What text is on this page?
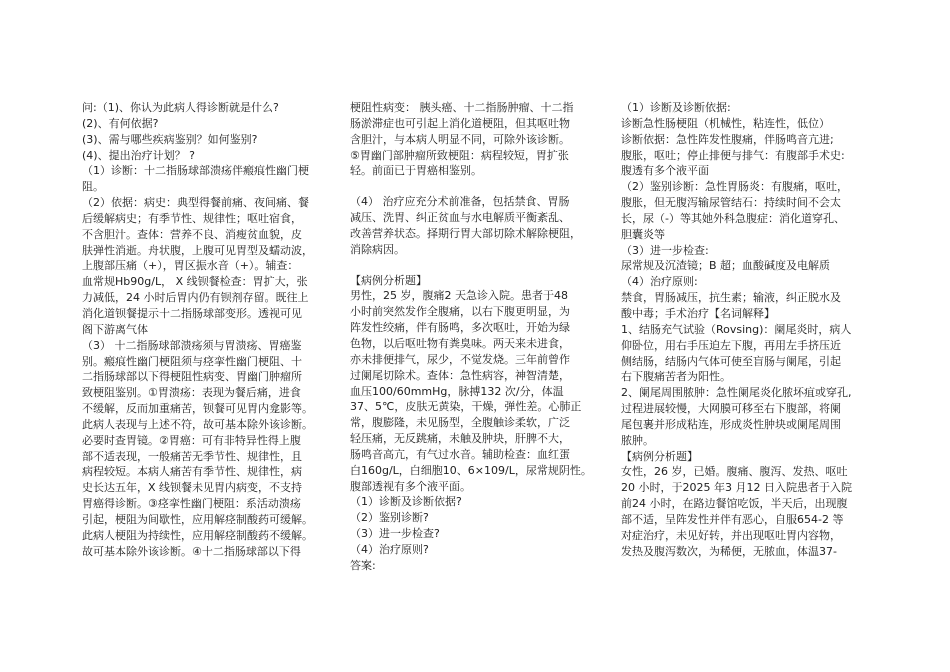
问:（1)、你认为此病人得诊断就是什么?

(2)、有何依据?

(3)、需与哪些疾病鉴别？如何鉴别?

(4)、提出治疗计划？ ?

（1）诊断：十二指肠球部溃疡伴瘢痕性幽门梗

阻。

（2）依据：病史：典型得餐前痛、夜间痛、餐

后缓解病史；有季节性、规律性；呕吐宿食，

不含胆汁。查体：营养不良、消瘦贫血貌，皮

肤弹性消逝。舟状腹，上腹可见胃型及蠕动波，

上腹部压痛（+），胃区振水音（+）。辅查：

血常规Hb90g/L， X 线钡餐检查：胃扩大，张

力减低，24 小时后胃内仍有钡剂存留。既往上

消化道钡餐提示十二指肠球部变形。透视可见

阁下游离气体

（3） 十二指肠球部溃疡须与胃溃疡、胃癌鉴

别。瘢痕性幽门梗阻须与痉挛性幽门梗阻、十

二指肠球部以下得梗阻性病变、胃幽门肿瘤所

致梗阻鉴别。①胃溃疡：表现为餐后痛，进食

不缓解，反而加重痛苦，钡餐可见胃内龛影等。

此病人表现与上述不符，故可基本除外该诊断。

必要时查胃镜。②胃癌：可有非特异性得上腹

部不适表现，一般痛苦无季节性、规律性，且

病程较短。本病人痛苦有季节性、规律性，病

史长达五年，X 线钡餐未见胃内病变，不支持

胃癌得诊断。③痉挛性幽门梗阻：系活动溃疡

引起，梗阻为间歇性，应用解痉制酸药可缓解。

此病人梗阻为持续性，应用解痉制酸药不缓解。

故可基本除外该诊断。④十二指肠球部以下得

梗阻性病变： 胰头癌、十二指肠肿瘤、十二指

肠淤滞症也可引起上消化道梗阻，但其呕吐物

含胆汁，与本病人明显不同，可除外该诊断。

⑤胃幽门部肿瘤所致梗阻：病程较短，胃扩张

轻。前面已于胃癌相鉴别。

（4） 治疗应充分术前准备，包括禁食、胃肠

减压、洗胃、纠正贫血与水电解质平衡紊乱、

改善营养状态。择期行胃大部切除术解除梗阻，

消除病因。

【病例分析题】

男性，25 岁，腹痛2 天急诊入院。患者于48

小时前突然发作全腹痛，以右下腹更明显，为

阵发性绞痛，伴有肠鸣，多次呕吐，开始为绿

色物，以后呕吐物有粪臭味。两天来未进食，

亦未排便排气，尿少，不觉发烧。三年前曾作

过阑尾切除术。查体：急性病容，神智清楚，

血压100/60mmHg，脉搏132 次/分，体温

37、5℃，皮肤无黄染，干燥，弹性差。心肺正

常，腹膨隆，未见肠型，全腹触诊柔软，广泛

轻压痛，无反跳痛，未触及肿块，肝脾不大，

肠鸣音高亢，有气过水音。辅助检查：血红蛋

白160g/L，白细胞10、6×109/L，尿常规阴性。

腹部透视有多个液平面。

（1）诊断及诊断依据?

（2）鉴别诊断?

（3）进一步检查?

（4）治疗原则?

答案:

（1）诊断及诊断依据:

诊断急性肠梗阻（机械性，粘连性，低位）

诊断依据：急性阵发性腹痛，伴肠鸣音亢进;

腹胀，呕吐；停止排便与排气：有腹部手术史:

腹透有多个液平面

（2）鉴别诊断：急性胃肠炎：有腹痛，呕吐，

腹胀，但无腹泻输尿管结石：持续时间不会太

长，尿（-）等其她外科急腹症：消化道穿孔、

胆囊炎等

（3）进一步检查:

尿常规及沉渣镜；B 超；血酸碱度及电解质

（4）治疗原则:

禁食，胃肠减压，抗生素；输液，纠正脱水及

酸中毒；手术治疗【名词解释】

1、结肠充气试验（Rovsing)：阑尾炎时，病人

仰卧位，用右手压迫左下腹，再用左手挤压近

侧结肠，结肠内气体可使至盲肠与阑尾，引起

右下腹痛苦者为阳性。

2、阑尾周围脓肿：急性阑尾炎化脓坏疽或穿孔,

过程进展较慢，大网膜可移至右下腹部，将阑

尾包裹并形成粘连，形成炎性肿块或阑尾周围

脓肿。

【病例分析题】

女性，26 岁，已婚。腹痛、腹泻、发热、呕吐

20 小时，于2025 年3 月12 日入院患者于入院

前24 小时，在路边餐馆吃饭，半天后，出现腹

部不适，呈阵发性并伴有恶心，自服654-2 等

对症治疗，未见好转，并出现呕吐胃内容物，

发热及腹泻数次，为稀便，无脓血，体温37-
